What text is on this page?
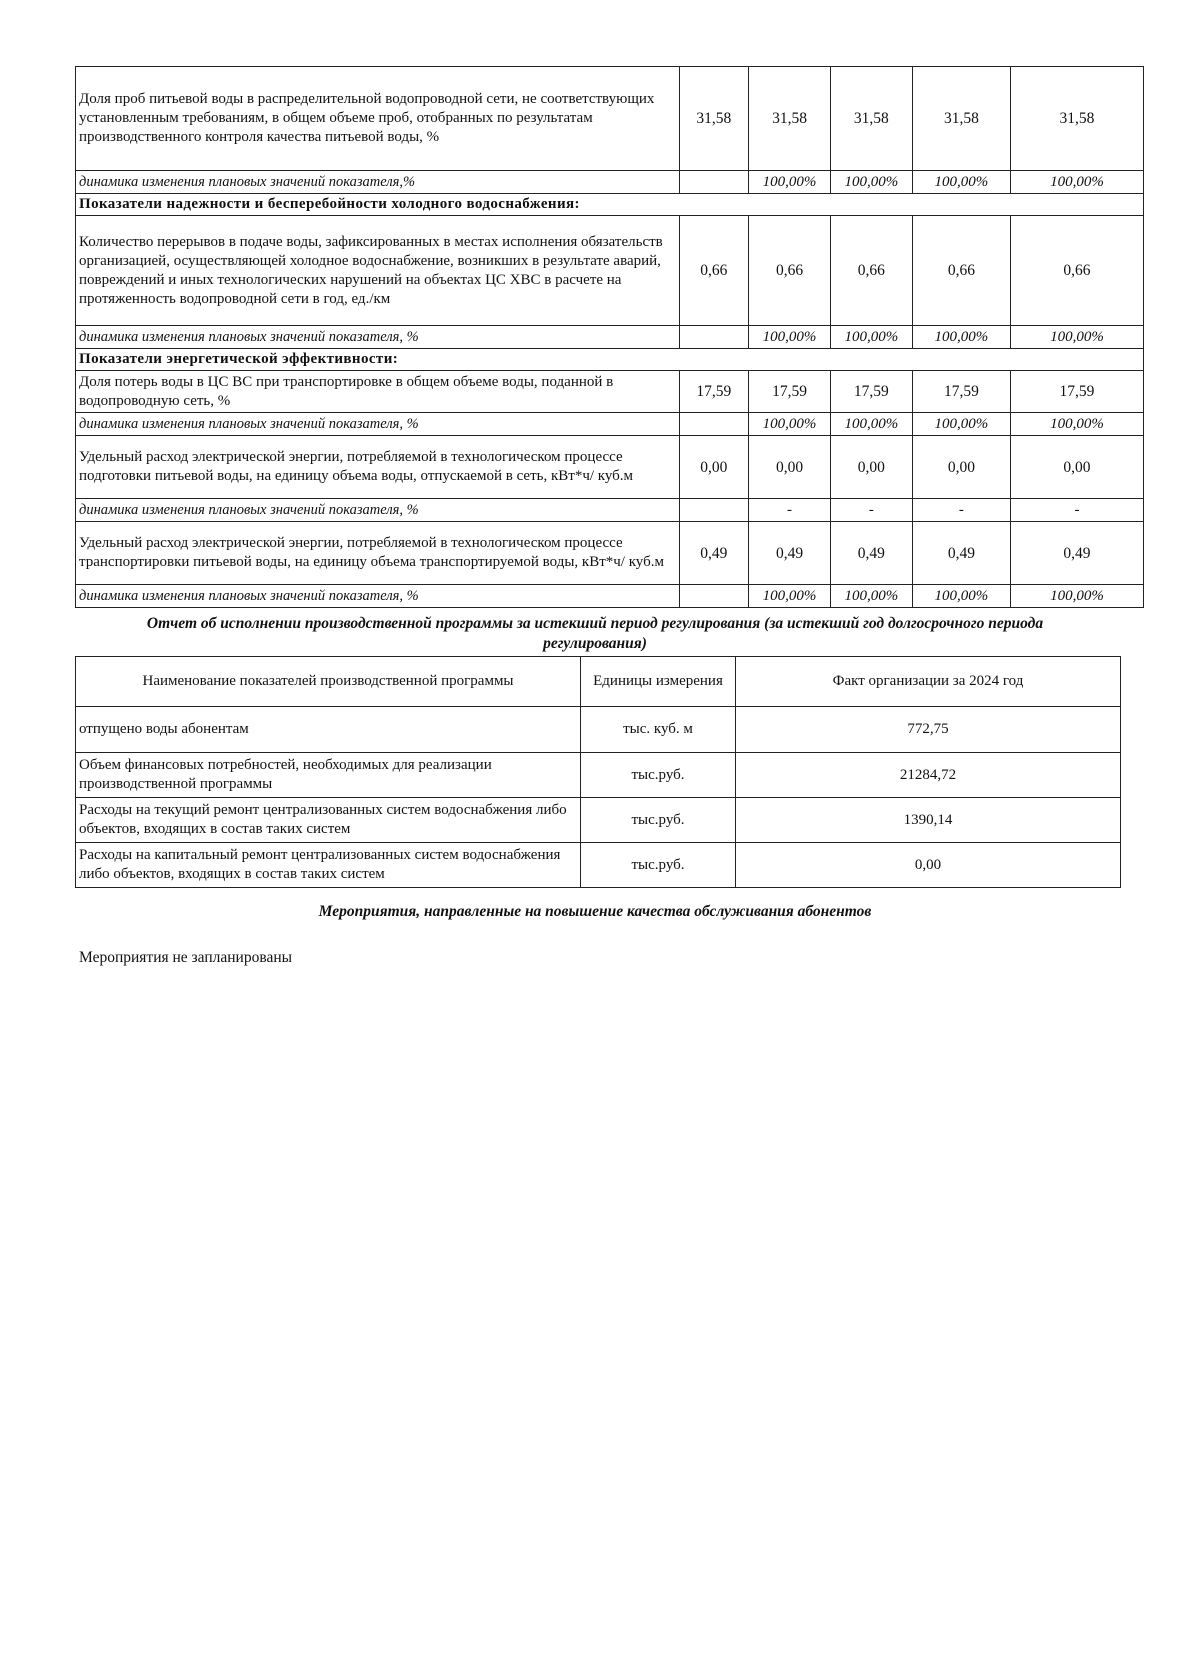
Доля проб питьевой воды в распределительной водопроводной сети, не соответствующих установленным требованиям, в общем объеме проб, отобранных по результатам производственного контроля качества питьевой воды, %	31,58	31,58	31,58	31,58	31,58
динамика изменения плановых значений показателя,%		100,00%	100,00%	100,00%	100,00%
Показатели надежности и бесперебойности холодного водоснабжения:					
Количество перерывов в подаче воды, зафиксированных в местах исполнения обязательств организацией, осуществляющей холодное водоснабжение, возникших в результате аварий, повреждений и иных технологических нарушений на объектах ЦС ХВС в расчете на протяженность водопроводной сети в год, ед./км	0,66	0,66	0,66	0,66	0,66
динамика изменения плановых значений показателя, %		100,00%	100,00%	100,00%	100,00%
Показатели энергетической эффективности:					
Доля потерь воды в ЦС ВС при транспортировке в общем объеме воды, поданной в водопроводную сеть, %	17,59	17,59	17,59	17,59	17,59
динамика изменения плановых значений показателя, %		100,00%	100,00%	100,00%	100,00%
Удельный расход электрической энергии, потребляемой в технологическом процессе подготовки питьевой воды, на единицу объема воды, отпускаемой в сеть, кВт*ч/ куб.м	0,00	0,00	0,00	0,00	0,00
динамика изменения плановых значений показателя, %		-	-	-	-
Удельный расход электрической энергии, потребляемой в технологическом процессе транспортировки питьевой воды, на единицу объема транспортируемой воды, кВт*ч/ куб.м	0,49	0,49	0,49	0,49	0,49
динамика изменения плановых значений показателя, %		100,00%	100,00%	100,00%	100,00%
Отчет об исполнении производственной программы за истекший период регулирования (за истекший год долгосрочного периода регулирования)
Наименование показателей производственной программы	Единицы измерения	Факт организации за 2024 год
отпущено воды абонентам	тыс. куб. м	772,75
Объем финансовых потребностей, необходимых для реализации производственной программы	тыс.руб.	21284,72
Расходы на текущий ремонт централизованных систем водоснабжения либо объектов, входящих в состав таких систем	тыс.руб.	1390,14
Расходы на капитальный ремонт централизованных систем водоснабжения либо объектов, входящих в состав таких систем	тыс.руб.	0,00
Мероприятия, направленные на повышение качества обслуживания абонентов
Мероприятия не запланированы
